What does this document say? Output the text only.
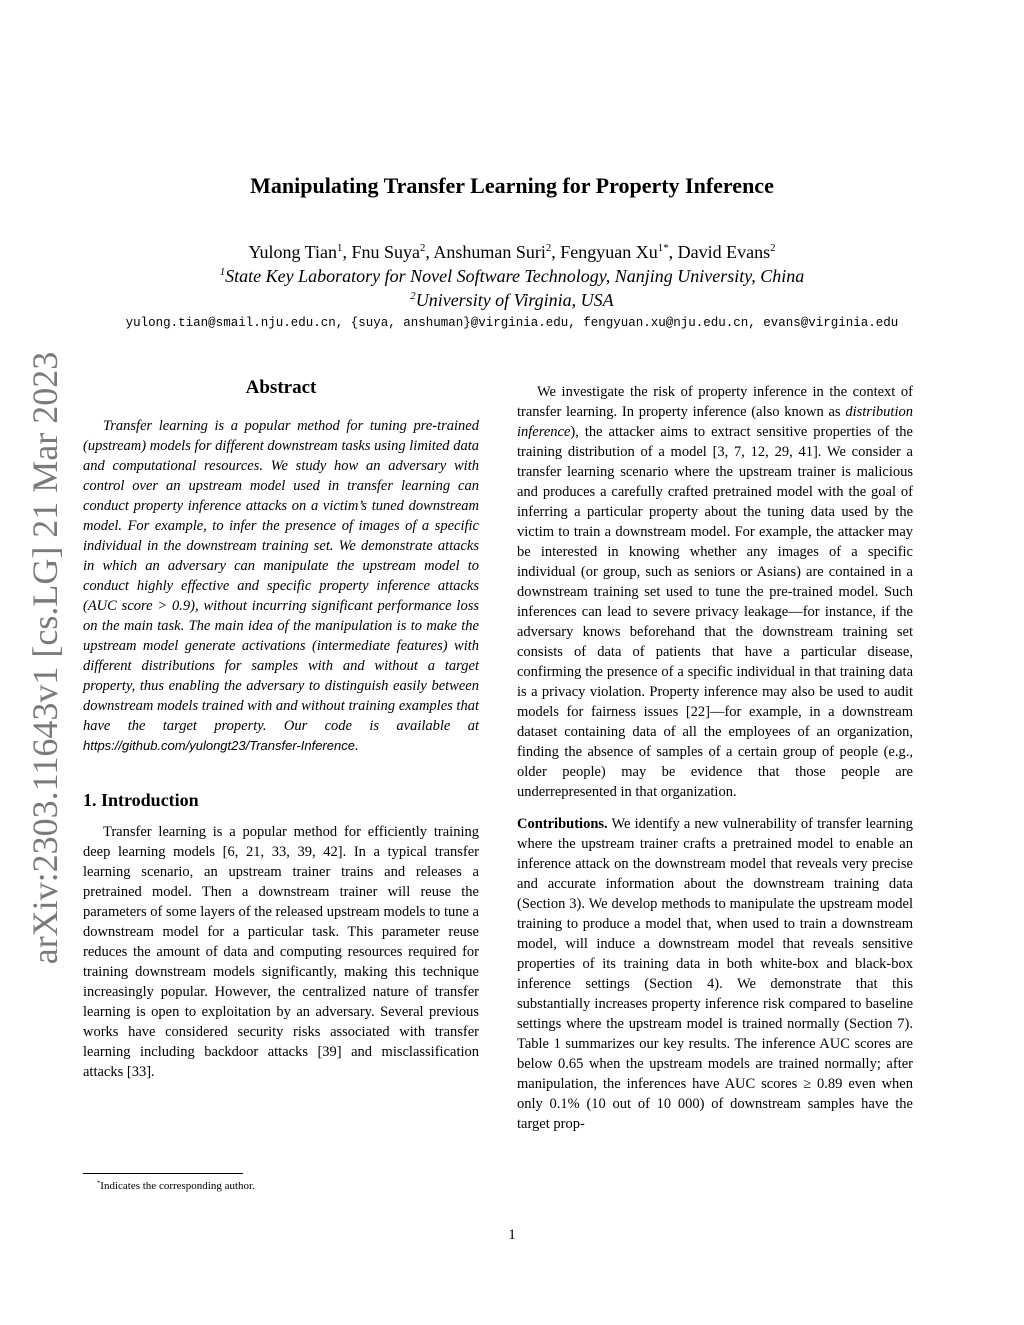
arXiv:2303.11643v1 [cs.LG] 21 Mar 2023
Manipulating Transfer Learning for Property Inference
Yulong Tian$^1$, Fnu Suya$^2$, Anshuman Suri$^2$, Fengyuan $Xu^{1*}$, David Evans$^2$
$^1$State Key Laboratory for Novel Software Technology, Nanjing University, China
$^2$University of Virginia, USA
yulong.tian@smail.nju.edu.cn, {suya, anshuman}@virginia.edu, fengyuan.xu@nju.edu.cn, evans@virginia.edu
Abstract

Transfer learning is a popular method for tuning pre-trained (upstream) models for different downstream tasks using limited data and computational resources. We study how an adversary with control over an upstream model used in transfer learning can conduct property inference attacks on a victim’s tuned downstream model. For example, to infer the presence of images of a specific individual in the downstream training set. We demonstrate attacks in which an adversary can manipulate the upstream model to conduct highly effective and specific property inference attacks (AUC score > 0.9), without incurring significant performance loss on the main task. The main idea of the manipulation is to make the upstream model generate activations (intermediate features) with different distributions for samples with and without a target property, thus enabling the adversary to distinguish easily between downstream models trained with and without training examples that have the target property. Our code is available at https://github.com/yulongt23/Transfer-Inference.

1. Introduction

Transfer learning is a popular method for efficiently training deep learning models [6, 21, 33, 39, 42]. In a typical transfer learning scenario, an upstream trainer trains and releases a pretrained model. Then a downstream trainer will reuse the parameters of some layers of the released upstream models to tune a downstream model for a particular task. This parameter reuse reduces the amount of data and computing resources required for training downstream models significantly, making this technique increasingly popular. However, the centralized nature of transfer learning is open to exploitation by an adversary. Several previous works have considered security risks associated with transfer learning including backdoor attacks [39] and misclassification attacks [33].

We investigate the risk of property inference in the context of transfer learning. In property inference (also known as distribution inference), the attacker aims to extract sensitive properties of the training distribution of a model [3, 7, 12, 29, 41]. We consider a transfer learning scenario where the upstream trainer is malicious and produces a carefully crafted pretrained model with the goal of inferring a particular property about the tuning data used by the victim to train a downstream model. For example, the attacker may be interested in knowing whether any images of a specific individual (or group, such as seniors or Asians) are contained in a downstream training set used to tune the pre-trained model. Such inferences can lead to severe privacy leakage—for instance, if the adversary knows beforehand that the downstream training set consists of data of patients that have a particular disease, confirming the presence of a specific individual in that training data is a privacy violation. Property inference may also be used to audit models for fairness issues [22]—for example, in a downstream dataset containing data of all the employees of an organization, finding the absence of samples of a certain group of people (e.g., older people) may be evidence that those people are underrepresented in that organization.

Contributions. We identify a new vulnerability of transfer learning where the upstream trainer crafts a pretrained model to enable an inference attack on the downstream model that reveals very precise and accurate information about the downstream training data (Section 3). We develop methods to manipulate the upstream model training to produce a model that, when used to train a downstream model, will induce a downstream model that reveals sensitive properties of its training data in both white-box and black-box inference settings (Section 4). We demonstrate that this substantially increases property inference risk compared to baseline settings where the upstream model is trained normally (Section 7). Table 1 summarizes our key results. The inference AUC scores are below 0.65 when the upstream models are trained normally; after manipulation, the inferences have AUC scores ≥ 0.89 even when only 0.1% (10 out of 10 000) of downstream samples have the target prop-

*Indicates the corresponding author.
1
